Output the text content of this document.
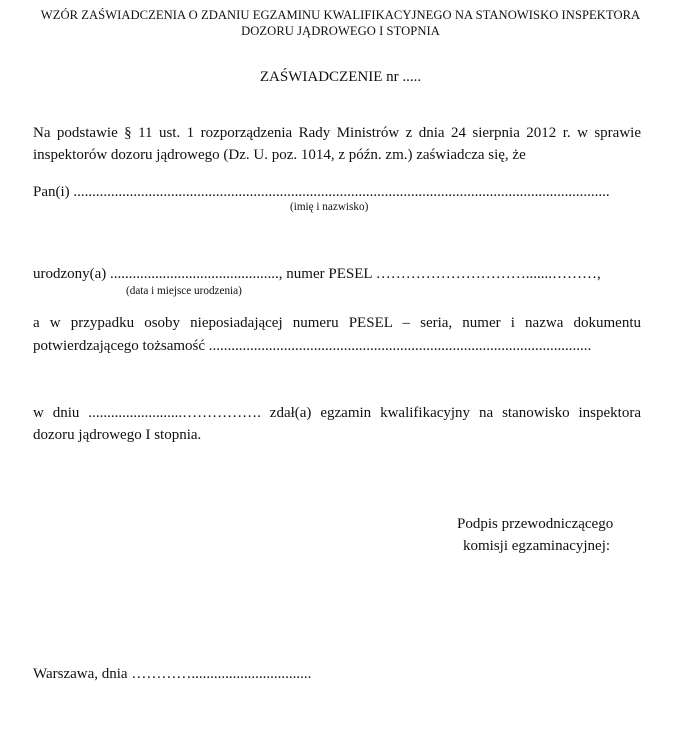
WZÓR ZAŚWIADCZENIA O ZDANIU EGZAMINU KWALIFIKACYJNEGO NA STANOWISKO INSPEKTORA
DOZORU JĄDROWEGO I STOPNIA
ZAŚWIADCZENIE nr .....
Na podstawie § 11 ust. 1 rozporządzenia Rady Ministrów z dnia 24 sierpnia 2012 r. w sprawie
inspektorów dozoru jądrowego (Dz. U. poz. 1014, z późn. zm.) zaświadcza się, że
Pan(i) ...............................................................................................................................................
(imię i nazwisko)
urodzony(a) ............................................., numer PESEL ………………………….......………,
(data i miejsce urodzenia)
a w przypadku osoby nieposiadającej numeru PESEL – seria, numer i nazwa dokumentu
potwierdzającego tożsamość ......................................................................................................
w dniu .........................……………. zdał(a) egzamin kwalifikacyjny na stanowisko inspektora
dozoru jądrowego I stopnia.
Podpis przewodniczącego
komisji egzaminacyjnej:
Warszawa, dnia …………................................
